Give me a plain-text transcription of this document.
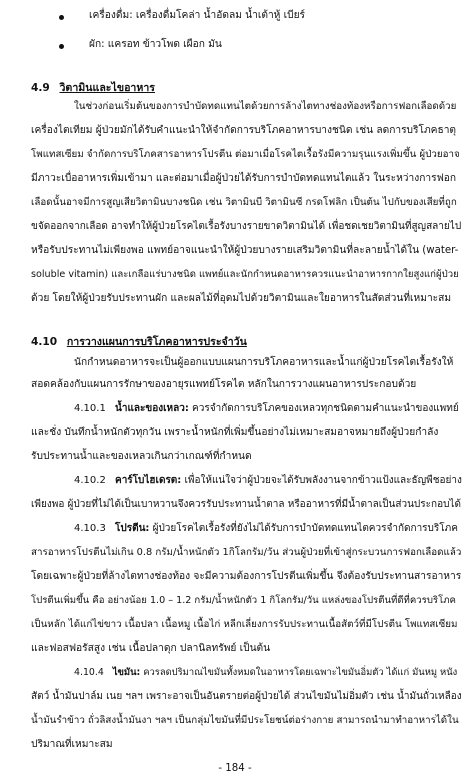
เครื่องดื่ม: เครื่องดื่มโคล่า น้ำอัดลม น้ำเต้าหู้ เบียร์
ผัก: แครอท ข้าวโพด เผือก มัน
4.9 วิตามินและไขอาหาร
ในช่วงก่อนเริ่มต้นของการบำบัดทดแทนไตด้วยการล้างไตทางช่องท้องหรือการฟอกเลือดด้วย
เครื่องไตเทียม ผู้ป่วยมักได้รับคำแนะนำให้จำกัดการบริโภคอาหารบางชนิด เช่น ลดการบริโภคธาตุ
โพแทสเซียม จำกัดการบริโภคสารอาหารโปรตีน ต่อมาเมื่อโรคไตเรื้อรังมีความรุนแรงเพิ่มขึ้น ผู้ป่วยอาจ
มีภาวะเบื่ออาหารเพิ่มเข้ามา และต่อมาเมื่อผู้ป่วยได้รับการบำบัดทดแทนไตแล้ว ในระหว่างการฟอก
เลือดนั้นอาจมีการสูญเสียวิตามินบางชนิด เช่น วิตามินบี วิตามินซี กรดโฟลิก เป็นต้น ไปกับของเสียที่ถูก
ขจัดออกจากเลือด อาจทำให้ผู้ป่วยโรคไตเรื้อรังบางรายขาดวิตามินได้ เพื่อชดเชยวิตามินที่สูญสลายไป
หรือรับประทานไม่เพียงพอ แพทย์อาจแนะนำให้ผู้ป่วยบางรายเสริมวิตามินที่ละลายน้ำได้ใน (water-
soluble vitamin) และเกลือแร่บางชนิด แพทย์และนักกำหนดอาหารควรแนะนำอาหารกากใยสูงแก่ผู้ป่วย
ด้วย โดยให้ผู้ป่วยรับประทานผัก และผลไม้ที่อุดมไปด้วยวิตามินและใยอาหารในสัดส่วนที่เหมาะสม
4.10 การวางแผนการบริโภคอาหารประจำวัน
นักกำหนดอาหารจะเป็นผู้ออกแบบแผนการบริโภคอาหารและน้ำแก่ผู้ป่วยโรคไตเรื้อรังให้
สอดคล้องกับแผนการรักษาของอายุรแพทย์โรคไต หลักในการวางแผนอาหารประกอบด้วย
4.10.1 น้ำและของเหลว: ควรจำกัดการบริโภคของเหลวทุกชนิดตามคำแนะนำของแพทย์
และชั่ง บันทึกน้ำหนักตัวทุกวัน เพราะน้ำหนักที่เพิ่มขึ้นอย่างไม่เหมาะสมอาจหมายถึงผู้ป่วยกำลัง
รับประทานน้ำและของเหลวเกินกว่าเกณฑ์ที่กำหนด
4.10.2 คาร์โบไฮเดรต: เพื่อให้แน่ใจว่าผู้ป่วยจะได้รับพลังงานจากข้าวแป้งและธัญพืชอย่าง
เพียงพอ ผู้ป่วยที่ไม่ได้เป็นเบาหวานจึงควรรับประทานน้ำตาล หรืออาหารที่มีน้ำตาลเป็นส่วนประกอบได้
4.10.3 โปรตีน: ผู้ป่วยโรคไตเรื้อรังที่ยังไม่ได้รับการบำบัดทดแทนไตควรจำกัดการบริโภค
สารอาหารโปรตีนไม่เกิน 0.8 กรัม/น้ำหนักตัว 1กิโลกรัม/วัน ส่วนผู้ป่วยที่เข้าสู่กระบวนการฟอกเลือดแล้ว
โดยเฉพาะผู้ป่วยที่ล้างไตทางช่องท้อง จะมีความต้องการโปรตีนเพิ่มขึ้น จึงต้องรับประทานสารอาหาร
โปรตีนเพิ่มขึ้น คือ อย่างน้อย 1.0 – 1.2 กรัม/น้ำหนักตัว 1 กิโลกรัม/วัน แหล่งของโปรตีนที่ดีที่ควรบริโภค
เป็นหลัก ได้แก่ไข่ขาว เนื้อปลา เนื้อหมู เนื้อไก่ หลีกเลี่ยงการรับประทานเนื้อสัตว์ที่มีโปรตีน โพแทสเซียม
และฟอสฟอรัสสูง เช่น เนื้อปลาดุก ปลานิลทรัพย์ เป็นต้น
4.10.4 ไขมัน: ควรลดปริมาณไขมันทั้งหมดในอาหารโดยเฉพาะไขมันอิ่มตัว ได้แก่ มันหมู หนัง
สัตว์ น้ำมันปาล์ม เนย ฯลฯ เพราะอาจเป็นอันตรายต่อผู้ป่วยได้ ส่วนไขมันไม่อิ่มตัว เช่น น้ำมันถั่วเหลือง
น้ำมันรำข้าว ถั่วลิสงน้ำมันงา ฯลฯ เป็นกลุ่มไขมันที่มีประโยชน์ต่อร่างกาย สามารถนำมาทำอาหารได้ใน
ปริมาณที่เหมาะสม
- 184 -
